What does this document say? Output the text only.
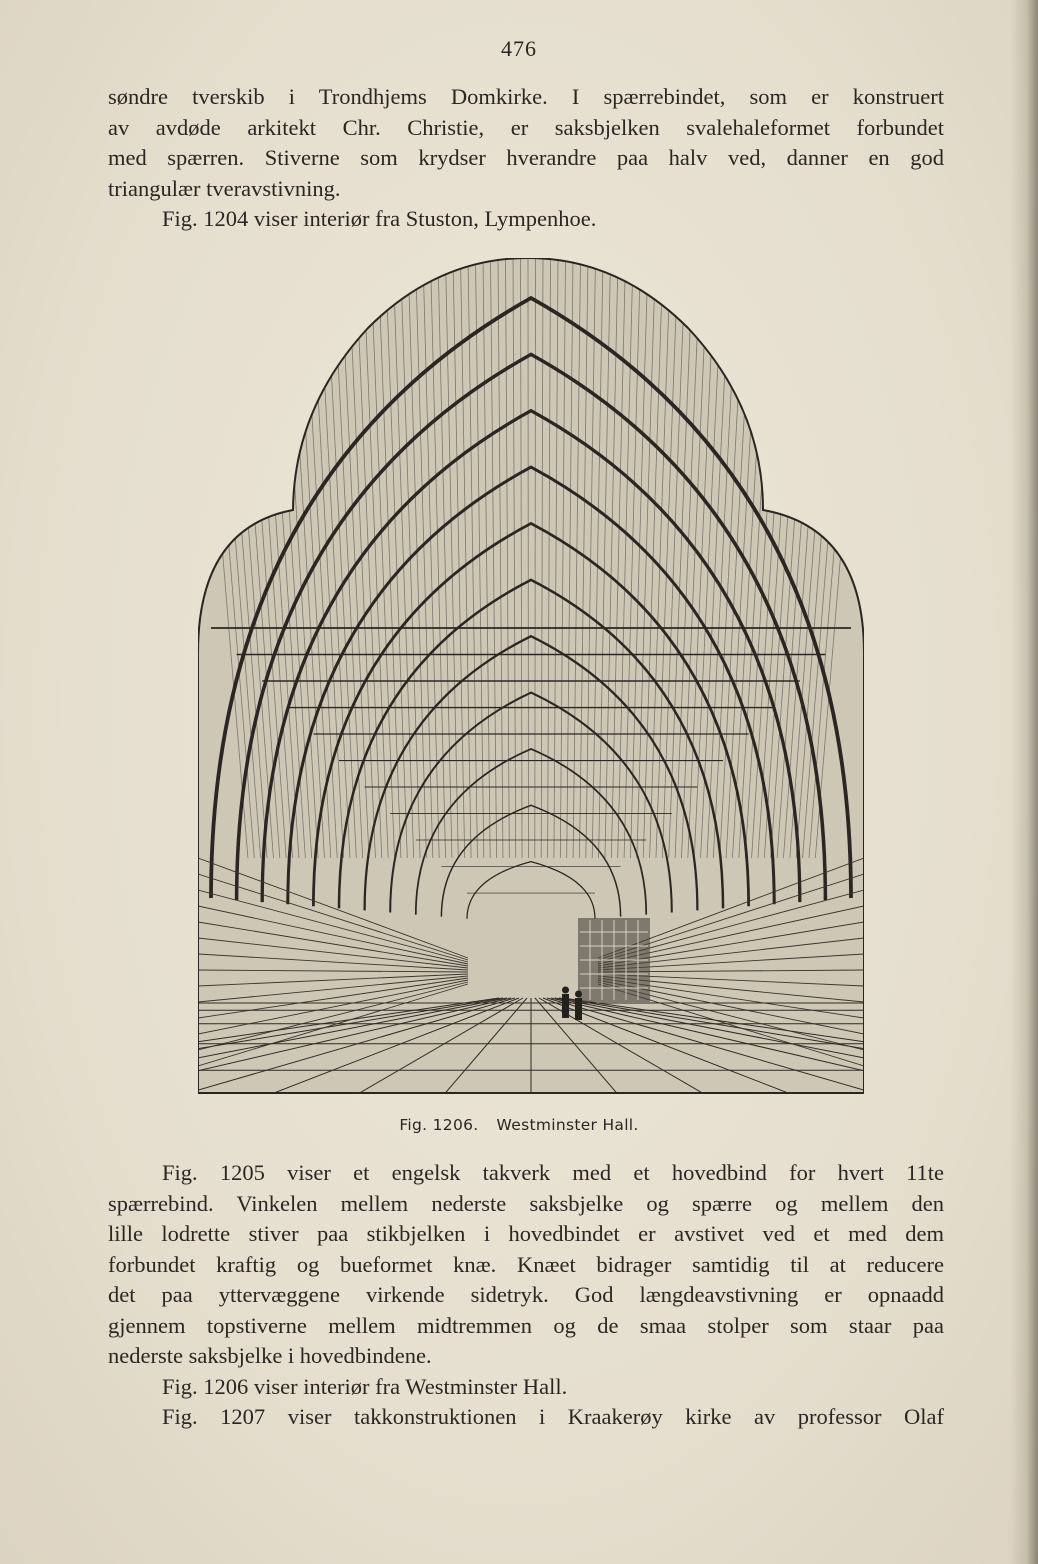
476
søndre tverskib i Trondhjems Domkirke. I spærrebindet, som er konstruert
av avdøde arkitekt Chr. Christie, er saksbjelken svalehaleformet forbundet
med spærren. Stiverne som krydser hverandre paa halv ved, danner en god
triangulær tveravstivning.
Fig. 1204 viser interiør fra Stuston, Lympenhoe.
Fig. 1206. Westminster Hall.
Fig. 1205 viser et engelsk takverk med et hovedbind for hvert 11te
spærrebind. Vinkelen mellem nederste saksbjelke og spærre og mellem den
lille lodrette stiver paa stikbjelken i hovedbindet er avstivet ved et med dem
forbundet kraftig og bueformet knæ. Knæet bidrager samtidig til at reducere
det paa yttervæggene virkende sidetryk. God længdeavstivning er opnaadd
gjennem topstiverne mellem midtremmen og de smaa stolper som staar paa
nederste saksbjelke i hovedbindene.
Fig. 1206 viser interiør fra Westminster Hall.
Fig. 1207 viser takkonstruktionen i Kraakerøy kirke av professor Olaf
